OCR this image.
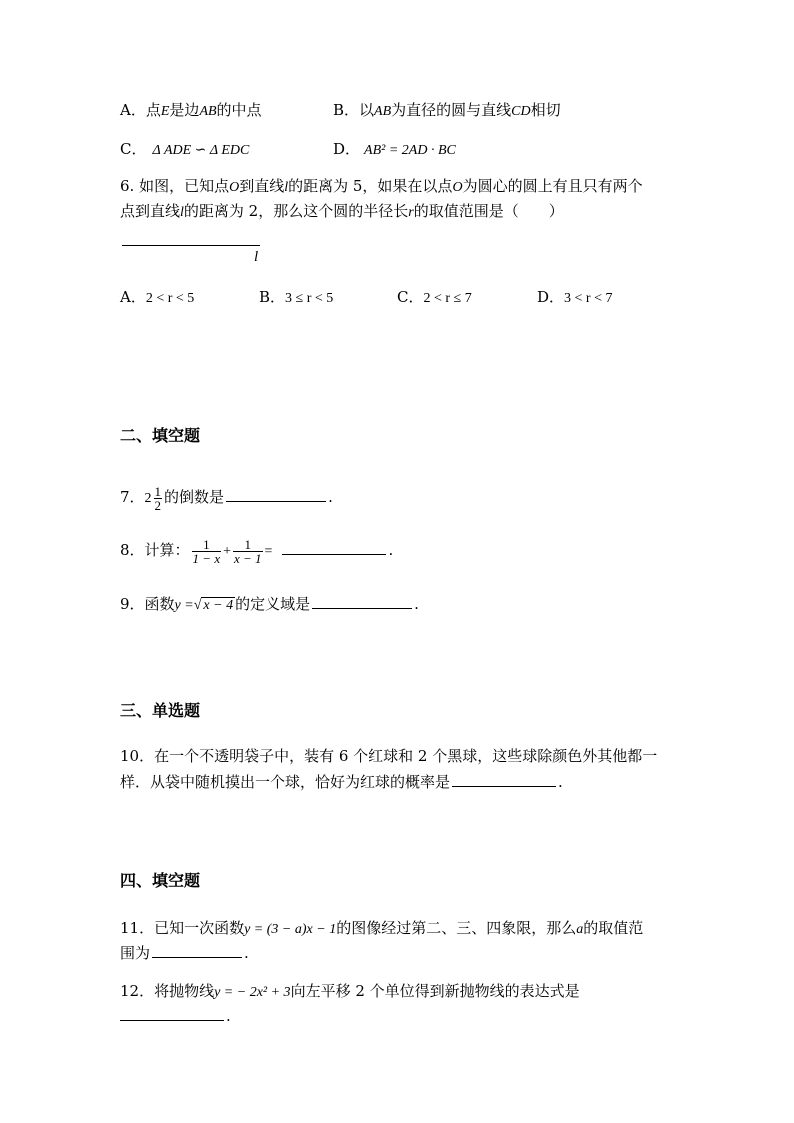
A．点E是边AB的中点	B．以AB为直径的圆与直线CD相切
C． Δ ADE ∽ Δ EDC	D． AB² = 2AD · BC
6. 如图，已知点O到直线l的距离为 5，如果在以点O为圆心的圆上有且只有两个
点到直线l的距离为 2，那么这个圆的半径长r的取值范围是（　　）
l
A．2 < r < 5	B．3 ≤ r < 5	C．2 < r ≤ 7	D．3 < r < 7
二、填空题
7．$2 \frac{1}{2}$ 的倒数是	.
8．计算： $\frac{1}{1 - x} + \frac{1}{x - 1}$ =	.
9．函数y =√ x − 4 的定义域是	.
三、单选题
10．在一个不透明袋子中，装有 6 个红球和 2 个黑球，这些球除颜色外其他都一
样．从袋中随机摸出一个球，恰好为红球的概率是	.
四、填空题
11．已知一次函数y = (3 − a)x − 1的图像经过第二、三、四象限，那么a的取值范
围为	.
12．将抛物线y = − 2x² + 3向左平移 2 个单位得到新抛物线的表达式是
.
